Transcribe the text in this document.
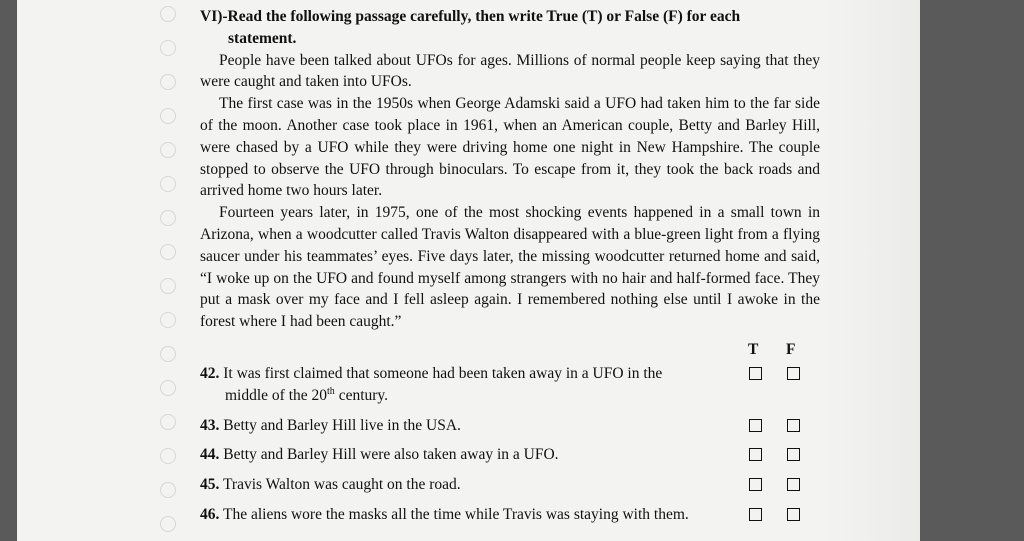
VI)-Read the following passage carefully, then write True (T) or False (F) for each
statement.

People have been talked about UFOs for ages. Millions of normal people keep saying that they were caught and taken into UFOs.

The first case was in the 1950s when George Adamski said a UFO had taken him to the far side of the moon. Another case took place in 1961, when an American couple, Betty and Barley Hill, were chased by a UFO while they were driving home one night in New Hampshire. The couple stopped to observe the UFO through binoculars. To escape from it, they took the back roads and arrived home two hours later.

Fourteen years later, in 1975, one of the most shocking events happened in a small town in Arizona, when a woodcutter called Travis Walton disappeared with a blue-green light from a flying saucer under his teammates’ eyes. Five days later, the missing woodcutter returned home and said, “I woke up on the UFO and found myself among strangers with no hair and half-formed face. They put a mask over my face and I fell asleep again. I remembered nothing else until I awoke in the forest where I had been caught.”

T F
42. It was first claimed that someone had been taken away in a UFO in the
middle of the 20th century.
43. Betty and Barley Hill live in the USA.
44. Betty and Barley Hill were also taken away in a UFO.
45. Travis Walton was caught on the road.
46. The aliens wore the masks all the time while Travis was staying with them.
